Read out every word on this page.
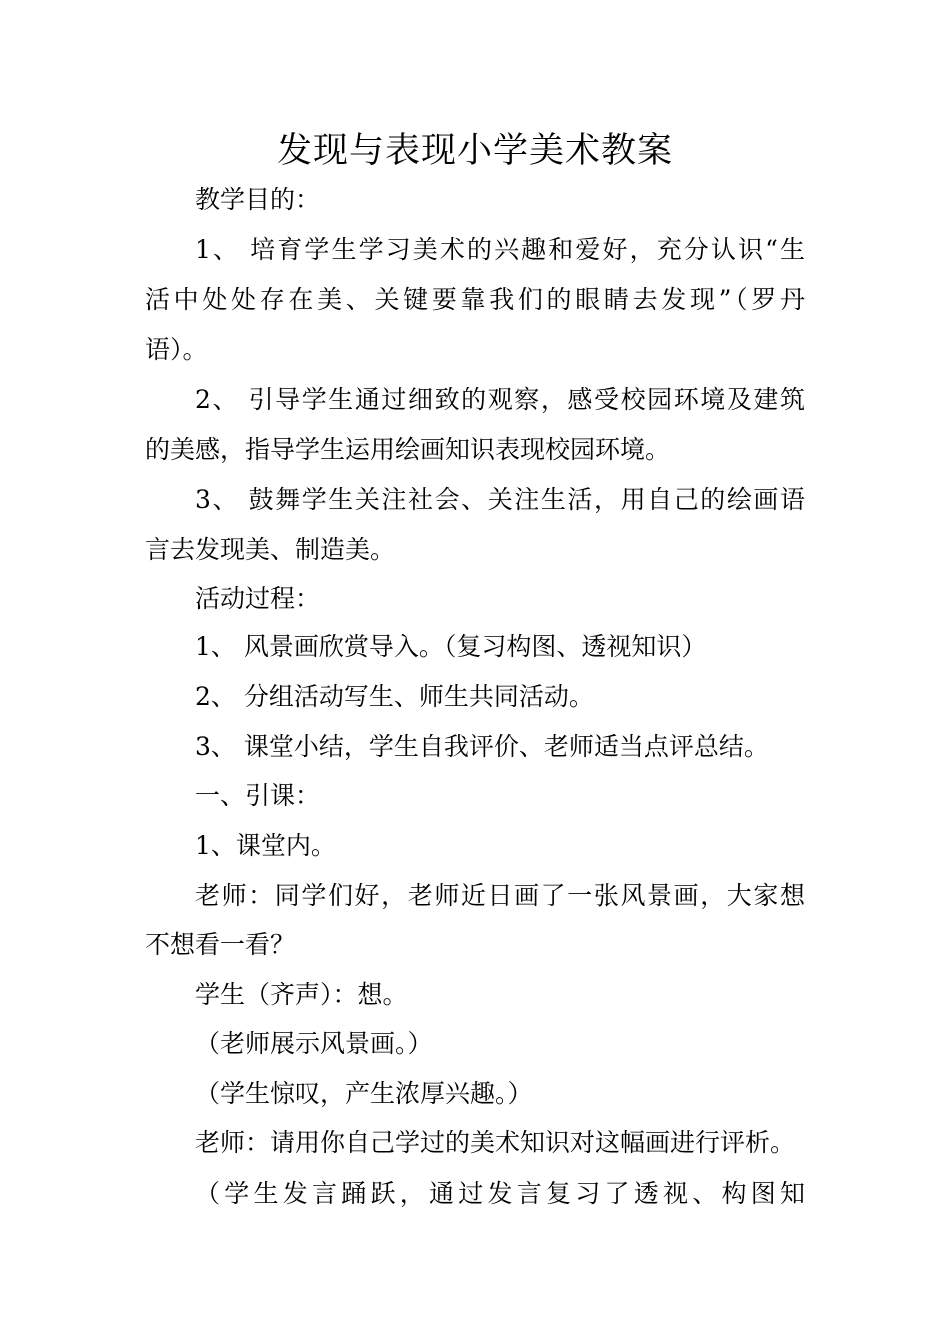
发现与表现小学美术教案
教学目的：
1、 培育学生学习美术的兴趣和爱好，充分认识“生
活中处处存在美、关键要靠我们的眼睛去发现”（罗丹
语）。
2、 引导学生通过细致的观察，感受校园环境及建筑
的美感，指导学生运用绘画知识表现校园环境。
3、 鼓舞学生关注社会、关注生活，用自己的绘画语
言去发现美、制造美。
活动过程：
1、 风景画欣赏导入。（复习构图、透视知识）
2、 分组活动写生、师生共同活动。
3、 课堂小结，学生自我评价、老师适当点评总结。
一、引课：
1、课堂内。
老师：同学们好，老师近日画了一张风景画，大家想
不想看一看？
学生（齐声）：想。
（老师展示风景画。）
（学生惊叹，产生浓厚兴趣。）
老师：请用你自己学过的美术知识对这幅画进行评析。
（学生发言踊跃，通过发言复习了透视、构图知
